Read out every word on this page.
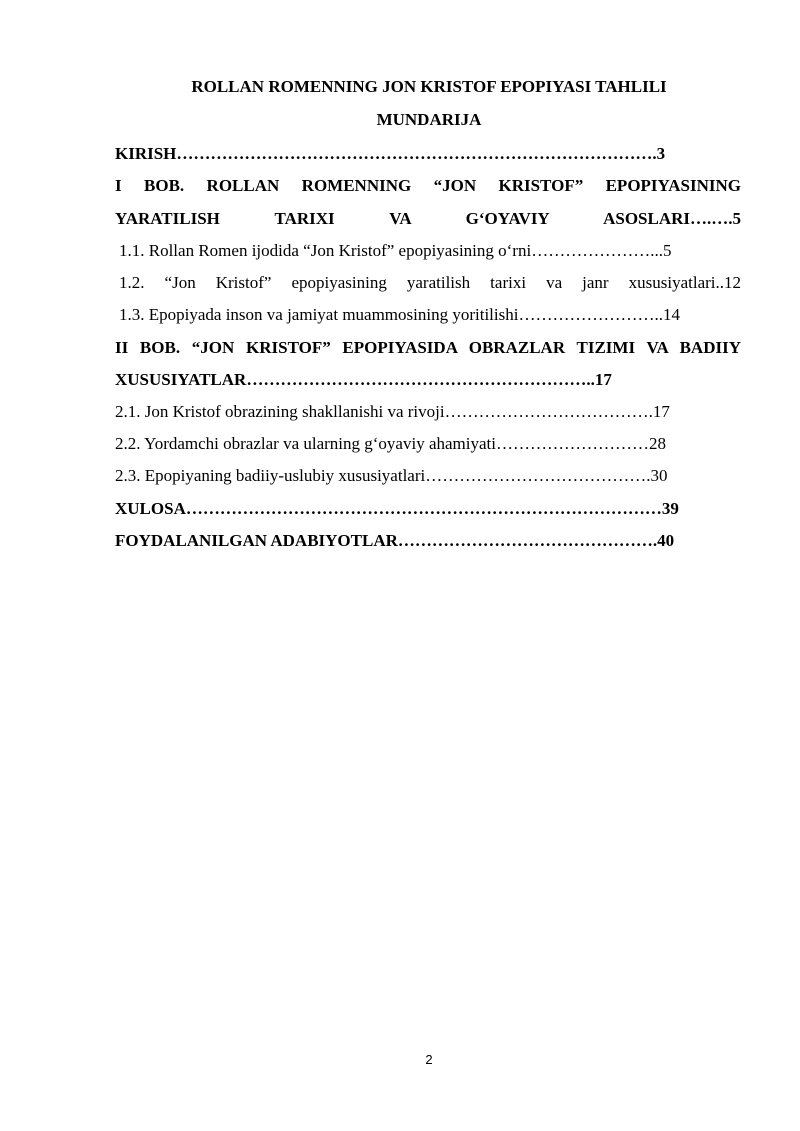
ROLLAN ROMENNING JON KRISTOF EPOPIYASI TAHLILI
MUNDARIJA
KIRISH………………………………………………………………………….3
I BOB. ROLLAN ROMENNING “JON KRISTOF” EPOPIYASINING
YARATILISH TARIXI VA G‘OYAVIY ASOSLARI….….5
1.1. Rollan Romen ijodida “Jon Kristof” epopiyasining o‘rni…………………...5
1.2. “Jon Kristof” epopiyasining yaratilish tarixi va janr xususiyatlari..12
1.3. Epopiyada inson va jamiyat muammosining yoritilishi……………………..14
II BOB. “JON KRISTOF” EPOPIYASIDA OBRAZLAR TIZIMI VA BADIIY
XUSUSIYATLAR……………………………………………………..17
2.1. Jon Kristof obrazining shakllanishi va rivoji……………………………….17
2.2. Yordamchi obrazlar va ularning g‘oyaviy ahamiyati………………………28
2.3. Epopiyaning badiiy-uslubiy xususiyatlari………………………………….30
XULOSA…………………………………………………………………………39
FOYDALANILGAN ADABIYOTLAR……………………………………….40
2
